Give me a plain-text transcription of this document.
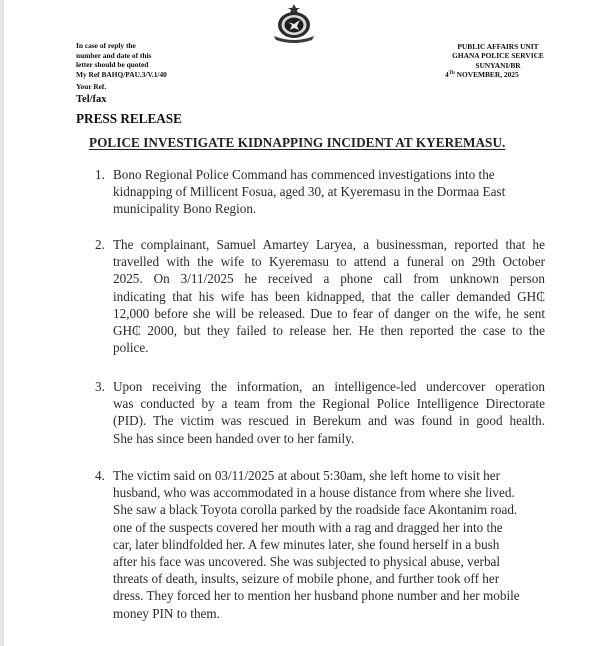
In case of reply the
number and date of this
letter should be quoted
My Ref BAHQ/PAU.3/V.1/40
Your Ref.
Tel/fax
PUBLIC AFFAIRS UNIT
GHANA POLICE SERVICE
SUNYANI/BR
4Th NOVEMBER, 2025
PRESS RELEASE
POLICE INVESTIGATE KIDNAPPING INCIDENT AT KYEREMASU.
1. Bono Regional Police Command has commenced investigations into the
kidnapping of Millicent Fosua, aged 30, at Kyeremasu in the Dormaa East
municipality Bono Region.
2. The complainant, Samuel Amartey Laryea, a businessman, reported that he
travelled with the wife to Kyeremasu to attend a funeral on 29th October
2025. On 3/11/2025 he received a phone call from unknown person
indicating that his wife has been kidnapped, that the caller demanded GH₵
12,000 before she will be released. Due to fear of danger on the wife, he sent
GH₵ 2000, but they failed to release her. He then reported the case to the
police.
3. Upon receiving the information, an intelligence-led undercover operation
was conducted by a team from the Regional Police Intelligence Directorate
(PID). The victim was rescued in Berekum and was found in good health.
She has since been handed over to her family.
4. The victim said on 03/11/2025 at about 5:30am, she left home to visit her
husband, who was accommodated in a house distance from where she lived.
She saw a black Toyota corolla parked by the roadside face Akontanim road.
one of the suspects covered her mouth with a rag and dragged her into the
car, later blindfolded her. A few minutes later, she found herself in a bush
after his face was uncovered. She was subjected to physical abuse, verbal
threats of death, insults, seizure of mobile phone, and further took off her
dress. They forced her to mention her husband phone number and her mobile
money PIN to them.
